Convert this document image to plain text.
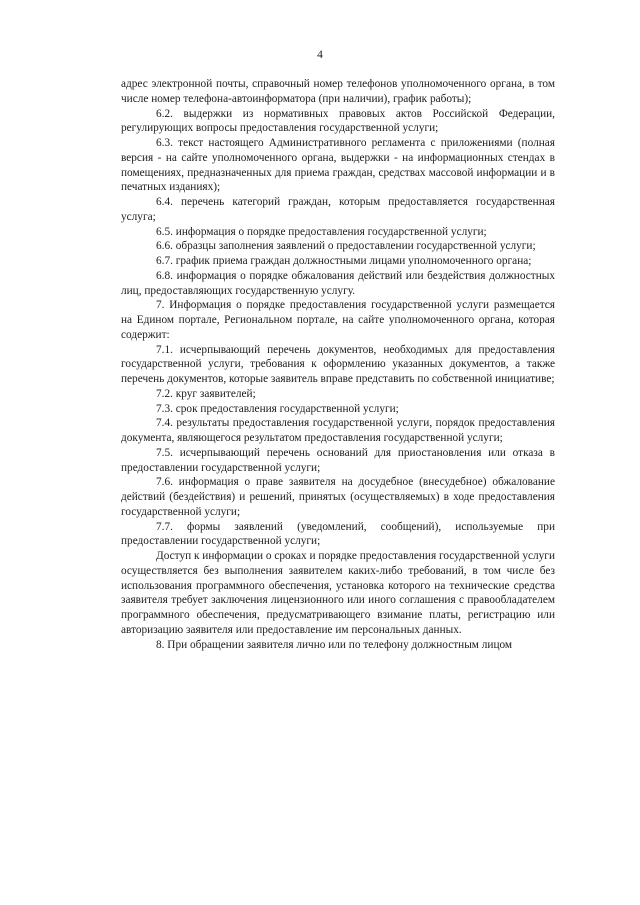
4

адрес электронной почты, справочный номер телефонов уполномоченного органа, в том числе номер телефона-автоинформатора (при наличии), график работы);

6.2. выдержки из нормативных правовых актов Российской Федерации, регулирующих вопросы предоставления государственной услуги;

6.3. текст настоящего Административного регламента с приложениями (полная версия - на сайте уполномоченного органа, выдержки - на информационных стендах в помещениях, предназначенных для приема граждан, средствах массовой информации и в печатных изданиях);

6.4. перечень категорий граждан, которым предоставляется государственная услуга;

6.5. информация о порядке предоставления государственной услуги;

6.6. образцы заполнения заявлений о предоставлении государственной услуги;

6.7. график приема граждан должностными лицами уполномоченного органа;

6.8. информация о порядке обжалования действий или бездействия должностных лиц, предоставляющих государственную услугу.

7. Информация о порядке предоставления государственной услуги размещается на Едином портале, Региональном портале, на сайте уполномоченного органа, которая содержит:

7.1. исчерпывающий перечень документов, необходимых для предоставления государственной услуги, требования к оформлению указанных документов, а также перечень документов, которые заявитель вправе представить по собственной инициативе;

7.2. круг заявителей;

7.3. срок предоставления государственной услуги;

7.4. результаты предоставления государственной услуги, порядок предоставления документа, являющегося результатом предоставления государственной услуги;

7.5. исчерпывающий перечень оснований для приостановления или отказа в предоставлении государственной услуги;

7.6. информация о праве заявителя на досудебное (внесудебное) обжалование действий (бездействия) и решений, принятых (осуществляемых) в ходе предоставления государственной услуги;

7.7. формы заявлений (уведомлений, сообщений), используемые при предоставлении государственной услуги;

Доступ к информации о сроках и порядке предоставления государственной услуги осуществляется без выполнения заявителем каких-либо требований, в том числе без использования программного обеспечения, установка которого на технические средства заявителя требует заключения лицензионного или иного соглашения с правообладателем программного обеспечения, предусматривающего взимание платы, регистрацию или авторизацию заявителя или предоставление им персональных данных.

8. При обращении заявителя лично или по телефону должностным лицом
